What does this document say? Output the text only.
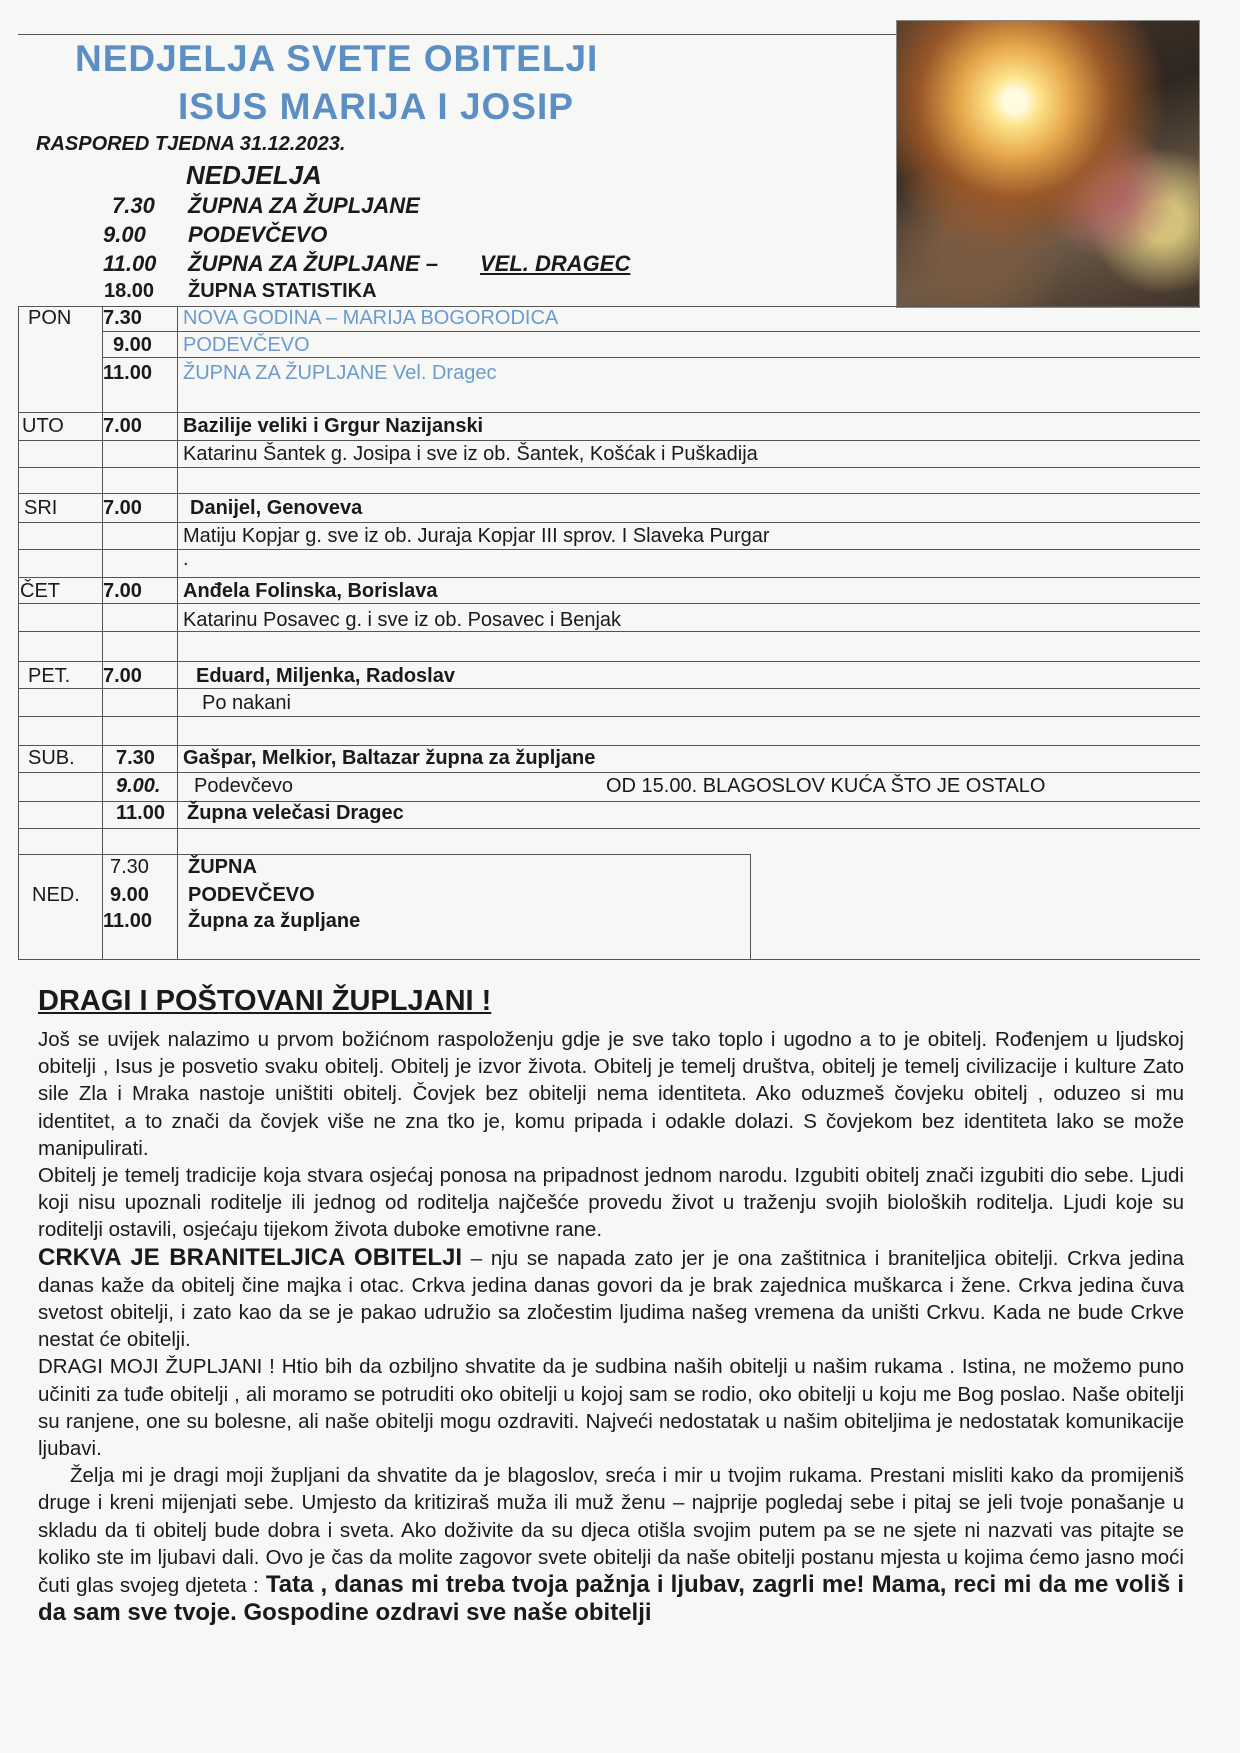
NEDJELJA SVETE OBITELJI
ISUS MARIJA I JOSIP
RASPORED TJEDNA 31.12.2023.
NEDJELJA
7.30 ŽUPNA ZA ŽUPLJANE
9.00 PODEVČEVO
11.00 ŽUPNA ZA ŽUPLJANE – VEL. DRAGEC
18.00 ŽUPNA STATISTIKA
PON 7.30 NOVA GODINA – MARIJA BOGORODICA
9.00 PODEVČEVO
11.00 ŽUPNA ZA ŽUPLJANE Vel. Dragec
UTO 7.00 Bazilije veliki i Grgur Nazijanski
Katarinu Šantek g. Josipa i sve iz ob. Šantek, Košćak i Puškadija
SRI 7.00 Danijel, Genoveva
Matiju Kopjar g. sve iz ob. Juraja Kopjar III sprov. I Slaveka Purgar
.
ČET 7.00 Anđela Folinska, Borislava
Katarinu Posavec g. i sve iz ob. Posavec i Benjak
PET. 7.00	Eduard, Miljenka, Radoslav
Po nakani
SUB. 7.30 Gašpar, Melkior, Baltazar župna za župljane
9.00. Podevčevo	OD 15.00. BLAGOSLOV KUĆA ŠTO JE OSTALO
11.00 Župna velečasi Dragec
7.30 ŽUPNA
NED. 9.00 PODEVČEVO
11.00 Župna za župljane
DRAGI I POŠTOVANI ŽUPLJANI !

Još se uvijek nalazimo u prvom božićnom raspoloženju gdje je sve tako toplo i ugodno a to je obitelj. Rođenjem u ljudskoj obitelji , Isus je posvetio svaku obitelj. Obitelj je izvor života. Obitelj je temelj društva, obitelj je temelj civilizacije i kulture Zato sile Zla i Mraka nastoje uništiti obitelj. Čovjek bez obitelji nema identiteta. Ako oduzmeš čovjeku obitelj , oduzeo si mu identitet, a to znači da čovjek više ne zna tko je, komu pripada i odakle dolazi. S čovjekom bez identiteta lako se može manipulirati.

Obitelj je temelj tradicije koja stvara osjećaj ponosa na pripadnost jednom narodu. Izgubiti obitelj znači izgubiti dio sebe. Ljudi koji nisu upoznali roditelje ili jednog od roditelja najčešće provedu život u traženju svojih bioloških roditelja. Ljudi koje su roditelji ostavili, osjećaju tijekom života duboke emotivne rane.

CRKVA JE BRANITELJICA OBITELJI – nju se napada zato jer je ona zaštitnica i braniteljica obitelji. Crkva jedina danas kaže da obitelj čine majka i otac. Crkva jedina danas govori da je brak zajednica muškarca i žene. Crkva jedina čuva svetost obitelji, i zato kao da se je pakao udružio sa zločestim ljudima našeg vremena da uništi Crkvu. Kada ne bude Crkve nestat će obitelji.

DRAGI MOJI ŽUPLJANI ! Htio bih da ozbiljno shvatite da je sudbina naših obitelji u našim rukama . Istina, ne možemo puno učiniti za tuđe obitelji , ali moramo se potruditi oko obitelji u kojoj sam se rodio, oko obitelji u koju me Bog poslao. Naše obitelji su ranjene, one su bolesne, ali naše obitelji mogu ozdraviti. Najveći nedostatak u našim obiteljima je nedostatak komunikacije ljubavi.

Želja mi je dragi moji župljani da shvatite da je blagoslov, sreća i mir u tvojim rukama. Prestani misliti kako da promijeniš druge i kreni mijenjati sebe. Umjesto da kritiziraš muža ili muž ženu – najprije pogledaj sebe i pitaj se jeli tvoje ponašanje u skladu da ti obitelj bude dobra i sveta. Ako doživite da su djeca otišla svojim putem pa se ne sjete ni nazvati vas pitajte se koliko ste im ljubavi dali. Ovo je čas da molite zagovor svete obitelji da naše obitelji postanu mjesta u kojima ćemo jasno moći čuti glas svojeg djeteta : Tata , danas mi treba tvoja pažnja i ljubav, zagrli me! Mama, reci mi da me voliš i da sam sve tvoje. Gospodine ozdravi sve naše obitelji
